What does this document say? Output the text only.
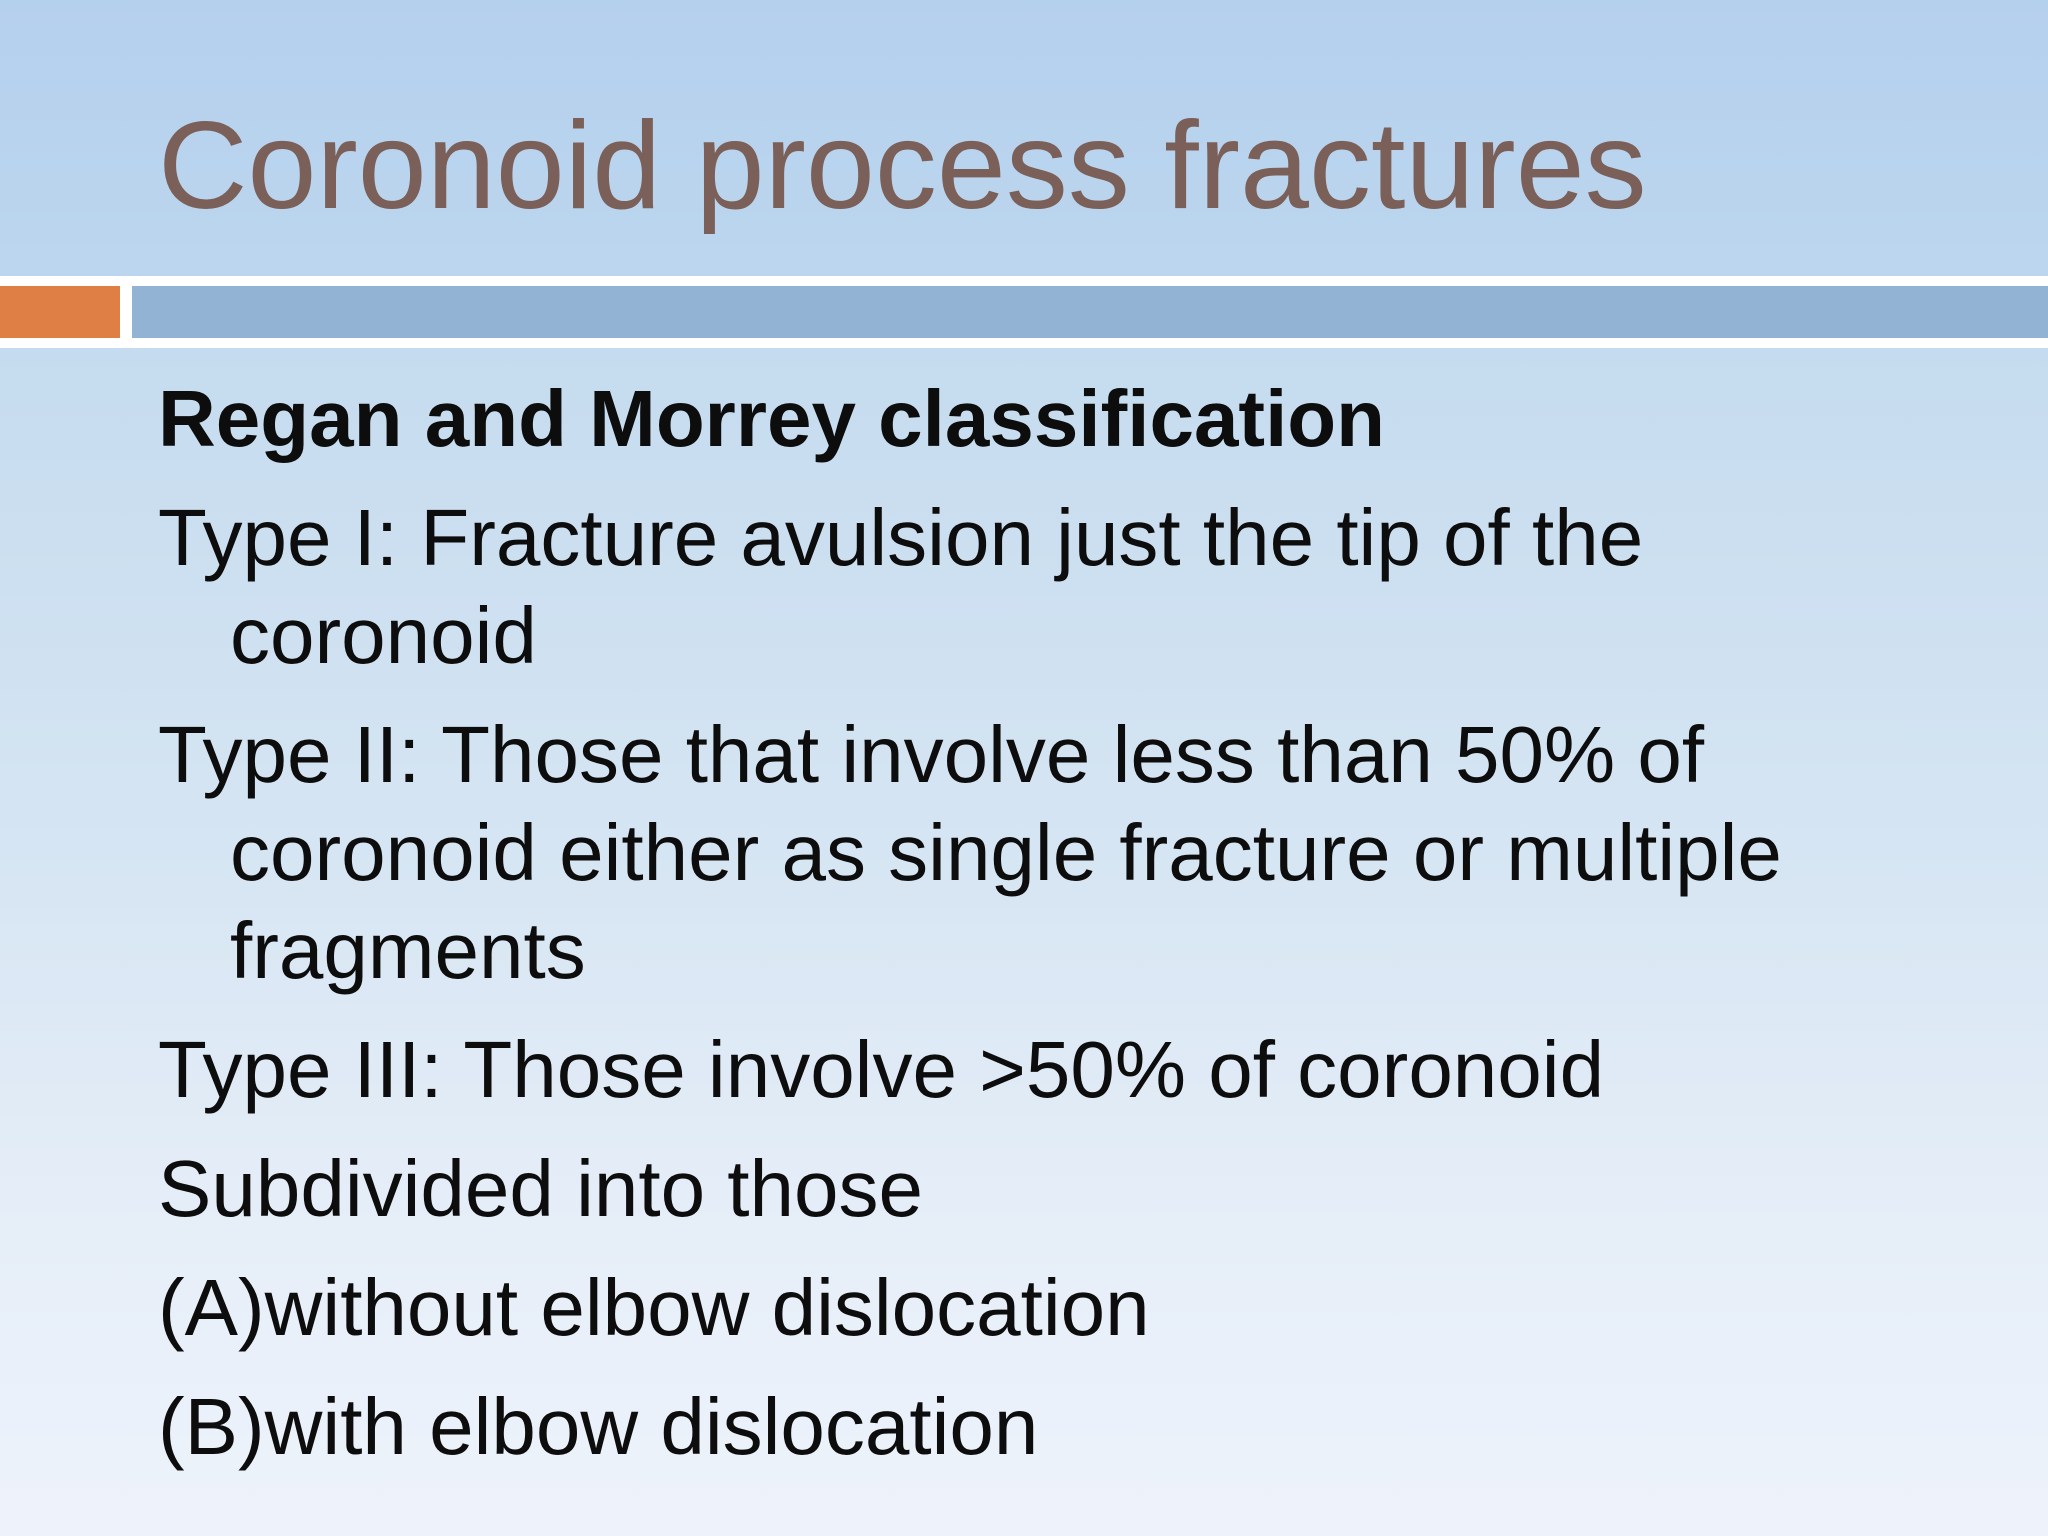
Coronoid process fractures

Regan and Morrey classification

Type I: Fracture avulsion just the tip of the coronoid

Type II: Those that involve less than 50% of coronoid either as single fracture or multiple fragments

Type III: Those involve >50% of coronoid

Subdivided into those

(A)without elbow dislocation

(B)with elbow dislocation
